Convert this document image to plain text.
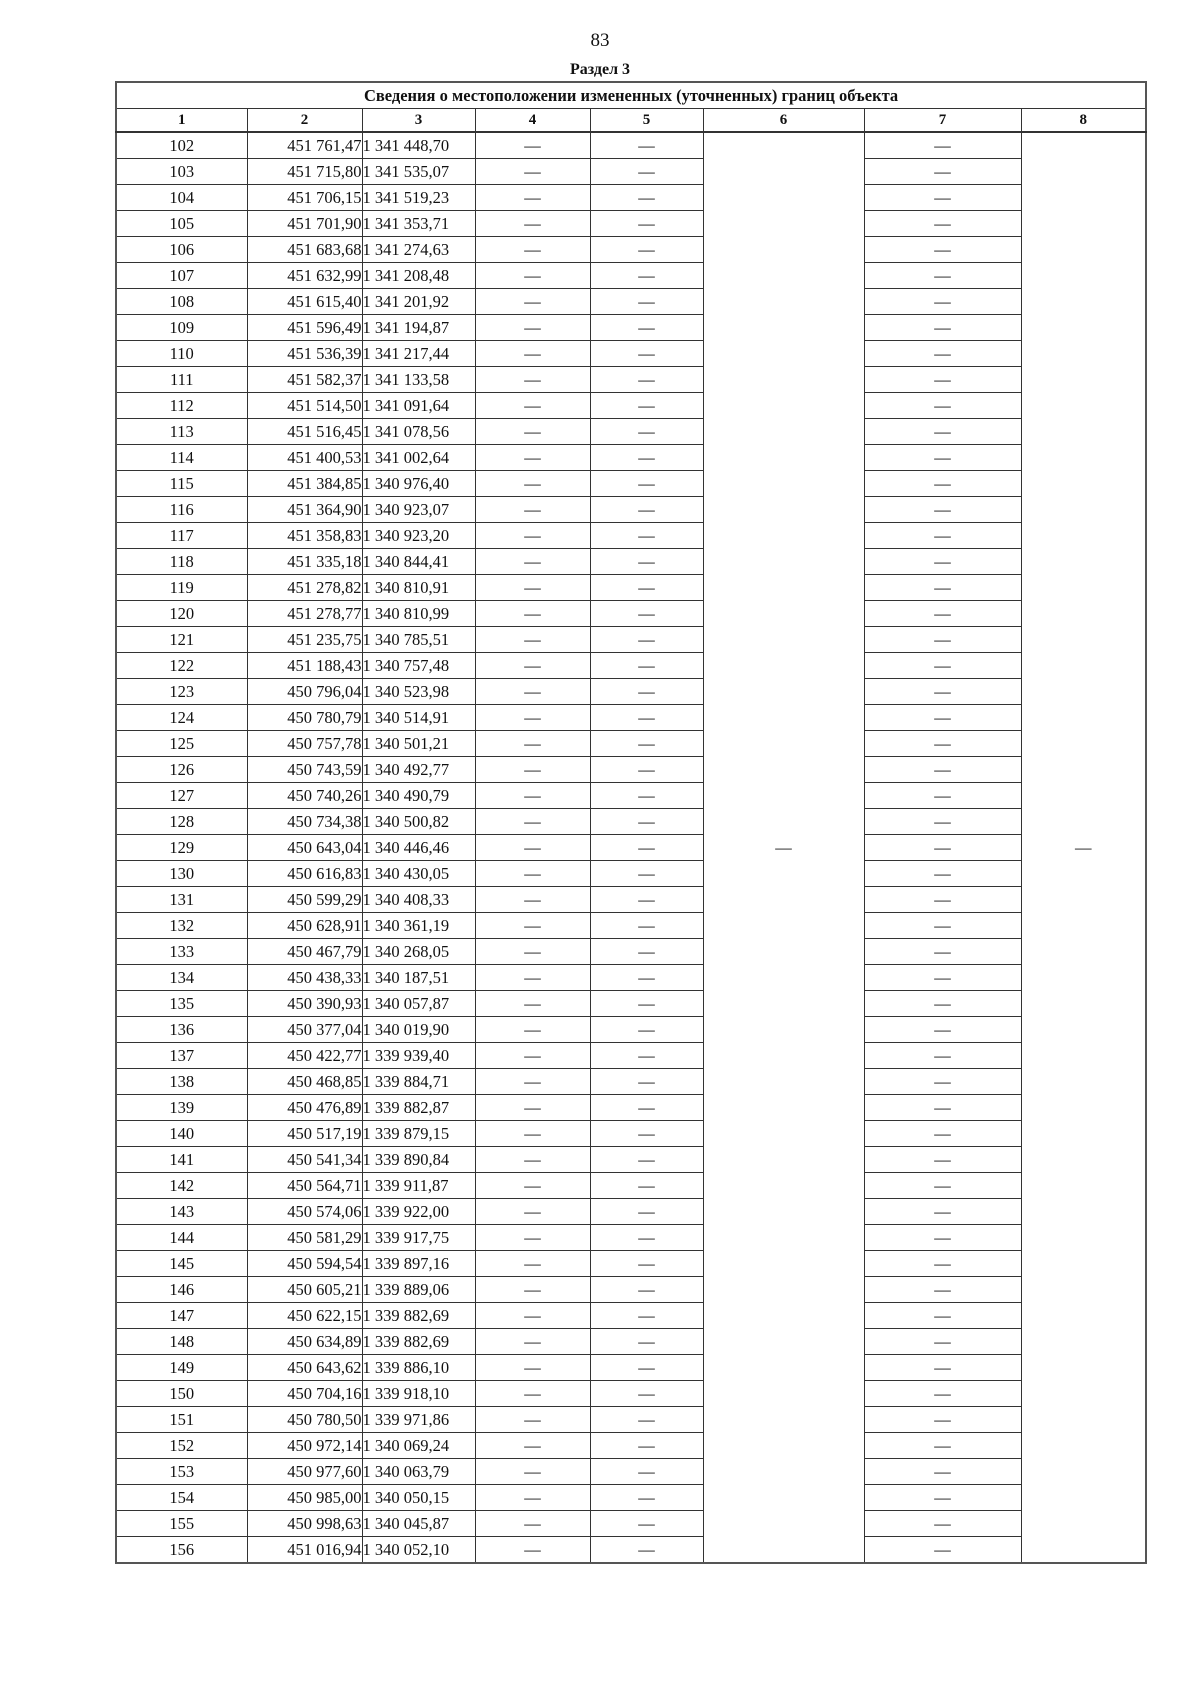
83
Раздел 3
Сведения о местоположении измененных (уточненных) границ объекта							
1	2	3	4	5	6	7	8
102	451 761,47	1 341 448,70	—	—	—	—	—
103	451 715,80	1 341 535,07	—	—		—	
104	451 706,15	1 341 519,23	—	—		—	
105	451 701,90	1 341 353,71	—	—		—	
106	451 683,68	1 341 274,63	—	—		—	
107	451 632,99	1 341 208,48	—	—		—	
108	451 615,40	1 341 201,92	—	—		—	
109	451 596,49	1 341 194,87	—	—		—	
110	451 536,39	1 341 217,44	—	—		—	
111	451 582,37	1 341 133,58	—	—		—	
112	451 514,50	1 341 091,64	—	—		—	
113	451 516,45	1 341 078,56	—	—		—	
114	451 400,53	1 341 002,64	—	—		—	
115	451 384,85	1 340 976,40	—	—		—	
116	451 364,90	1 340 923,07	—	—		—	
117	451 358,83	1 340 923,20	—	—		—	
118	451 335,18	1 340 844,41	—	—		—	
119	451 278,82	1 340 810,91	—	—		—	
120	451 278,77	1 340 810,99	—	—		—	
121	451 235,75	1 340 785,51	—	—		—	
122	451 188,43	1 340 757,48	—	—		—	
123	450 796,04	1 340 523,98	—	—		—	
124	450 780,79	1 340 514,91	—	—		—	
125	450 757,78	1 340 501,21	—	—		—	
126	450 743,59	1 340 492,77	—	—		—	
127	450 740,26	1 340 490,79	—	—		—	
128	450 734,38	1 340 500,82	—	—		—	
129	450 643,04	1 340 446,46	—	—		—	
130	450 616,83	1 340 430,05	—	—		—	
131	450 599,29	1 340 408,33	—	—		—	
132	450 628,91	1 340 361,19	—	—		—	
133	450 467,79	1 340 268,05	—	—		—	
134	450 438,33	1 340 187,51	—	—		—	
135	450 390,93	1 340 057,87	—	—		—	
136	450 377,04	1 340 019,90	—	—		—	
137	450 422,77	1 339 939,40	—	—		—	
138	450 468,85	1 339 884,71	—	—		—	
139	450 476,89	1 339 882,87	—	—		—	
140	450 517,19	1 339 879,15	—	—		—	
141	450 541,34	1 339 890,84	—	—		—	
142	450 564,71	1 339 911,87	—	—		—	
143	450 574,06	1 339 922,00	—	—		—	
144	450 581,29	1 339 917,75	—	—		—	
145	450 594,54	1 339 897,16	—	—		—	
146	450 605,21	1 339 889,06	—	—		—	
147	450 622,15	1 339 882,69	—	—		—	
148	450 634,89	1 339 882,69	—	—		—	
149	450 643,62	1 339 886,10	—	—		—	
150	450 704,16	1 339 918,10	—	—		—	
151	450 780,50	1 339 971,86	—	—		—	
152	450 972,14	1 340 069,24	—	—		—	
153	450 977,60	1 340 063,79	—	—		—	
154	450 985,00	1 340 050,15	—	—		—	
155	450 998,63	1 340 045,87	—	—		—	
156	451 016,94	1 340 052,10	—	—		—	
